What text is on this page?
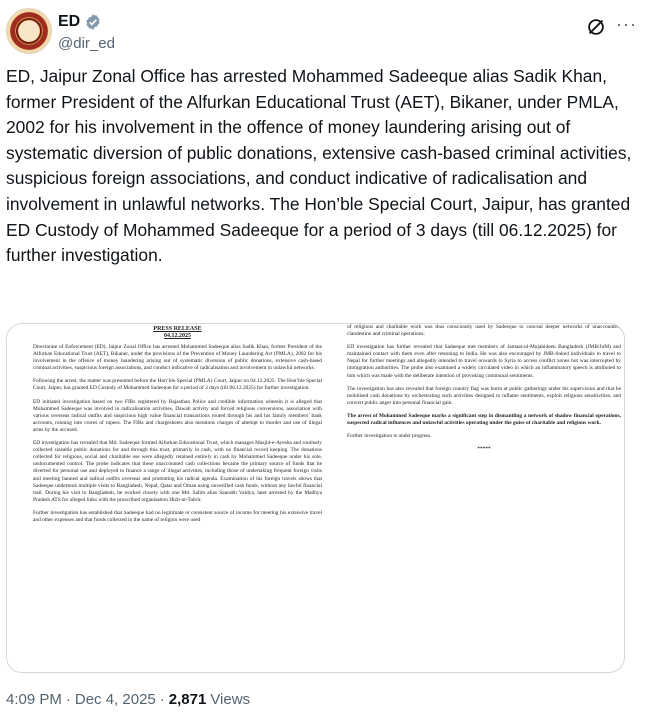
ED
@dir_ed
···
ED, Jaipur Zonal Office has arrested Mohammed Sadeeque alias Sadik Khan, former President of the Alfurkan Educational Trust (AET), Bikaner, under PMLA, 2002 for his involvement in the offence of money laundering arising out of systematic diversion of public donations, extensive cash-based criminal activities, suspicious foreign associations, and conduct indicative of radicalisation and involvement in unlawful networks. The Hon’ble Special Court, Jaipur, has granted ED Custody of Mohammed Sadeeque for a period of 3 days (till 06.12.2025) for further investigation.
PRESS RELEASE
04.12.2025

Directorate of Enforcement (ED), Jaipur Zonal Office has arrested Mohammed Sadeeque alias Sadik Khan, former President of the Alfurkan Educational Trust (AET), Bikaner, under the provisions of the Prevention of Money Laundering Act (PMLA), 2002 for his involvement in the offence of money laundering arising out of systematic diversion of public donations, extensive cash-based criminal activities, suspicious foreign associations, and conduct indicative of radicalisation and involvement in unlawful networks.

Following the arrest, the matter was presented before the Hon’ble Special (PMLA) Court, Jaipur on 04.12.2025. The Hon’ble Special Court, Jaipur, has granted ED Custody of Mohammed Sadeeque for a period of 3 days (till 06.12.2025) for further investigation.

ED initiated investigation based on two FIRs registered by Rajasthan Police and credible information wherein it is alleged that Mohammed Sadeeque was involved in radicalisation activities, Dawah activity and forced religious conversions, association with various overseas radical outfits and suspicious high value financial transactions routed through his and his family members’ bank accounts, running into crores of rupees. The FIRs and chargesheets also mentions charges of attempt to murder and use of illegal arms by the accused.

ED investigation has revealed that Md. Sadeeque formed Alfurkan Educational Trust, which manages Masjid-e-Ayesha and routinely collected sizeable public donations for and through this trust, primarily in cash, with no financial record keeping. The donations collected for religious, social and charitable use were allegedly retained entirely in cash by Mohammed Sadeeque under his sole, undocumented control. The probe indicates that these unaccounted cash collections became the primary source of funds that he diverted for personal use and deployed to finance a range of illegal activities, including those of undertaking frequent foreign visits and meeting banned and radical outfits overseas and promoting his radical agenda. Examination of his foreign travels shows that Sadeeque undertook multiple visits to Bangladesh, Nepal, Qatar and Oman using unverified cash funds, without any lawful financial trail. During his visit to Bangladesh, he worked closely with one Md. Salim alias Saurabh Vaidya, later arrested by the Madhya Pradesh ATS for alleged links with the proscribed organisation Hizb-ut-Tahrir.

Further investigation has established that Sadeeque had no legitimate or consistent source of income for meeting his extensive travel and other expenses and that funds collected in the name of religion were used

of religious and charitable work was thus consciously used by Sadeeque to conceal deeper networks of unaccounted, clandestine and criminal operations.

ED investigation has further revealed that Sadeeque met members of Jamaat-ul-Mujahideen Bangladesh (JMB/JuM) and maintained contact with them even after returning to India. He was also encouraged by JMB-linked individuals to travel to Nepal for further meetings and allegedly intended to travel onwards to Syria to access conflict zones but was intercepted by immigration authorities. The probe also examined a widely circulated video in which an inflammatory speech is attributed to him which was made with the deliberate intention of provoking communal sentiments.

The investigation has also revealed that foreign country flag was burnt at public gatherings under his supervision and that he mobilised cash donations by orchestrating such activities designed to inflame sentiments, exploit religious sensitivities, and convert public anger into personal financial gain.

The arrest of Mohammed Sadeeque marks a significant step in dismantling a network of shadow financial operations, suspected radical influences and unlawful activities operating under the guise of charitable and religious work.

Further investigation is under progress.

*****

4:09 PM · Dec 4, 2025 · 2,871 Views
